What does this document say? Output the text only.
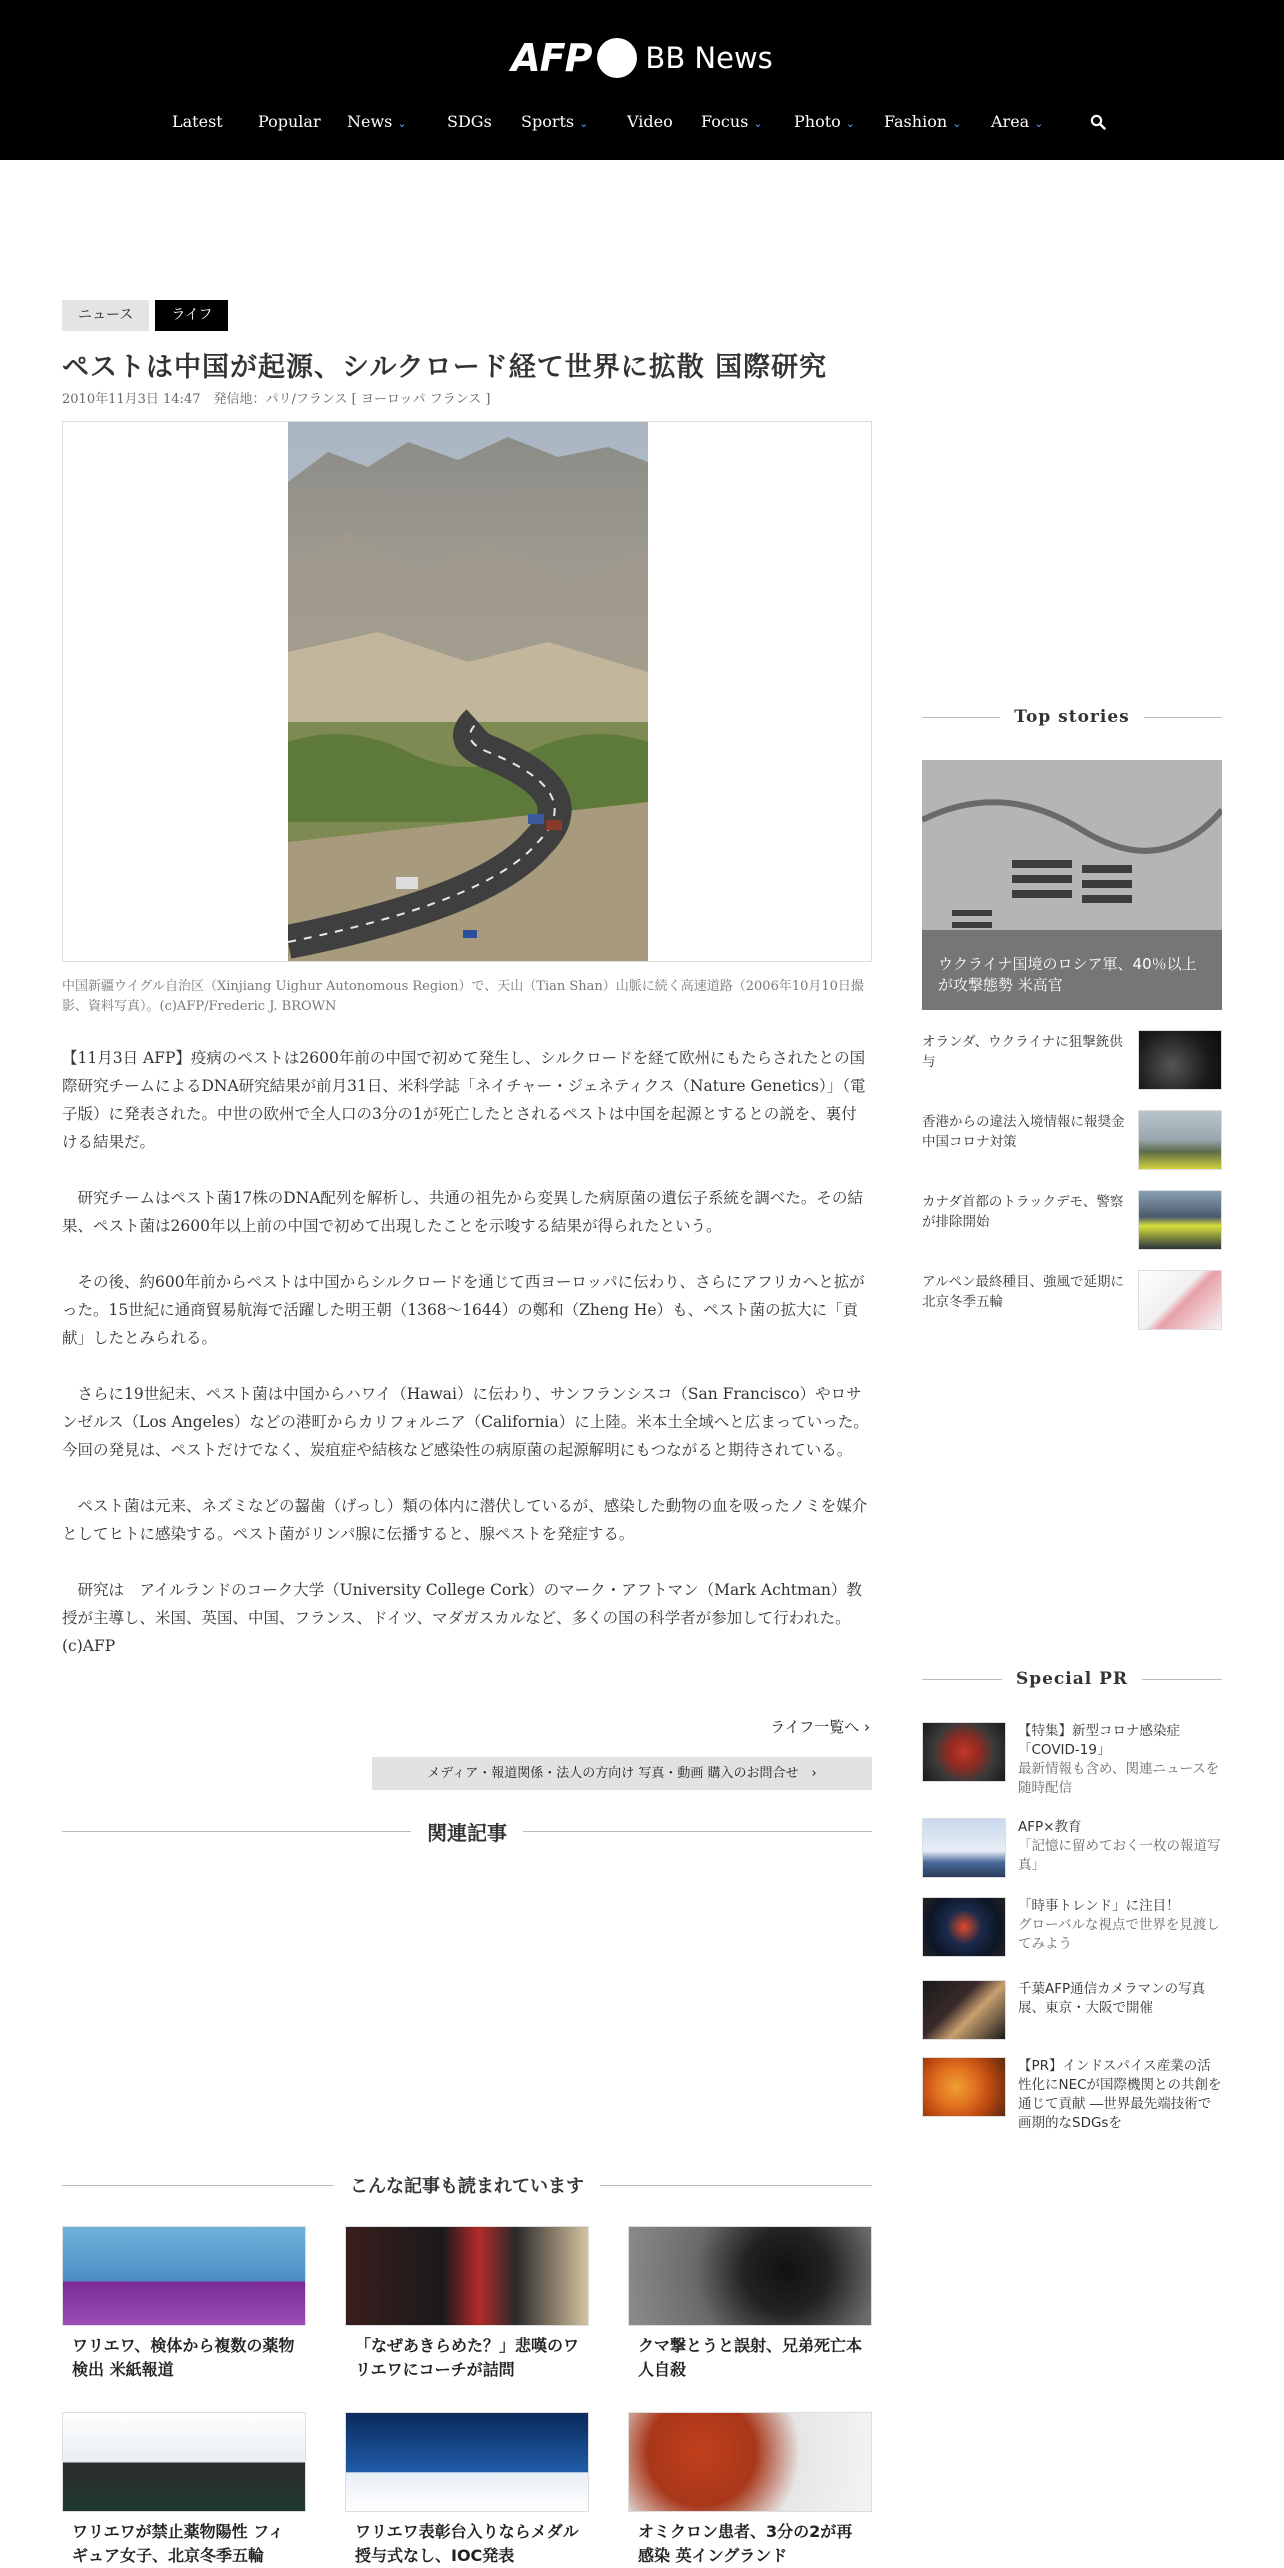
AFP BB News
Latest Popular News ⌄	SDGs Sports ⌄ Video Focus ⌄ Photo ⌄ Fashion ⌄ Area ⌄
ニュース	ライフ
ペストは中国が起源、シルクロード経て世界に拡散 国際研究
2010年11月3日 14:47　発信地：パリ/フランス [ ヨーロッパ フランス ]
中国新疆ウイグル自治区（Xinjiang Uighur Autonomous Region）で、天山（Tian Shan）山脈に続く高速道路（2006年10月10日撮影、資料写真）。(c)AFP/Frederic J. BROWN

【11月3日 AFP】疫病のペストは2600年前の中国で初めて発生し、シルクロードを経て欧州にもたらされたとの国際研究チームによるDNA研究結果が前月31日、米科学誌「ネイチャー・ジェネティクス（Nature Genetics）」（電子版）に発表された。中世の欧州で全人口の3分の1が死亡したとされるペストは中国を起源とするとの説を、裏付ける結果だ。

研究チームはペスト菌17株のDNA配列を解析し、共通の祖先から変異した病原菌の遺伝子系統を調べた。その結果、ペスト菌は2600年以上前の中国で初めて出現したことを示唆する結果が得られたという。

その後、約600年前からペストは中国からシルクロードを通じて西ヨーロッパに伝わり、さらにアフリカへと拡がった。15世紀に通商貿易航海で活躍した明王朝（1368～1644）の鄭和（Zheng He）も、ペスト菌の拡大に「貢献」したとみられる。

さらに19世紀末、ペスト菌は中国からハワイ（Hawai）に伝わり、サンフランシスコ（San Francisco）やロサンゼルス（Los Angeles）などの港町からカリフォルニア（California）に上陸。米本土全域へと広まっていった。今回の発見は、ペストだけでなく、炭疽症や結核など感染性の病原菌の起源解明にもつながると期待されている。

ペスト菌は元来、ネズミなどの齧歯（げっし）類の体内に潜伏しているが、感染した動物の血を吸ったノミを媒介としてヒトに感染する。ペスト菌がリンパ腺に伝播すると、腺ペストを発症する。

研究は　アイルランドのコーク大学（University College Cork）のマーク・アフトマン（Mark Achtman）教授が主導し、米国、英国、中国、フランス、ドイツ、マダガスカルなど、多くの国の科学者が参加して行われた。(c)AFP

ライフ一覧へ ›
メディア・報道関係・法人の方向け 写真・動画 購入のお問合せ　›
関連記事
こんな記事も読まれています
ワリエワ、検体から複数の薬物検出 米紙報道
「なぜあきらめた？」悲嘆のワリエワにコーチが詰問
クマ撃とうと誤射、兄弟死亡本人自殺
ワリエワが禁止薬物陽性 フィギュア女子、北京冬季五輪
ワリエワ表彰台入りならメダル授与式なし、IOC発表
オミクロン患者、3分の2が再感染 英イングランド
Top stories
ウクライナ国境のロシア軍、40％以上が攻撃態勢 米高官
オランダ、ウクライナに狙撃銃供与
香港からの違法入境情報に報奨金 中国コロナ対策
カナダ首都のトラックデモ、警察が排除開始
アルペン最終種目、強風で延期に 北京冬季五輪
Special PR
【特集】新型コロナ感染症「COVID-19」
最新情報も含め、関連ニュースを随時配信
AFP×教育
「記憶に留めておく一枚の報道写真」
「時事トレンド」に注目！
グローバルな視点で世界を見渡してみよう
千葉AFP通信カメラマンの写真展、東京・大阪で開催
【PR】インドスパイス産業の活性化にNECが国際機関との共創を通じて貢献 ―世界最先端技術で画期的なSDGsを
